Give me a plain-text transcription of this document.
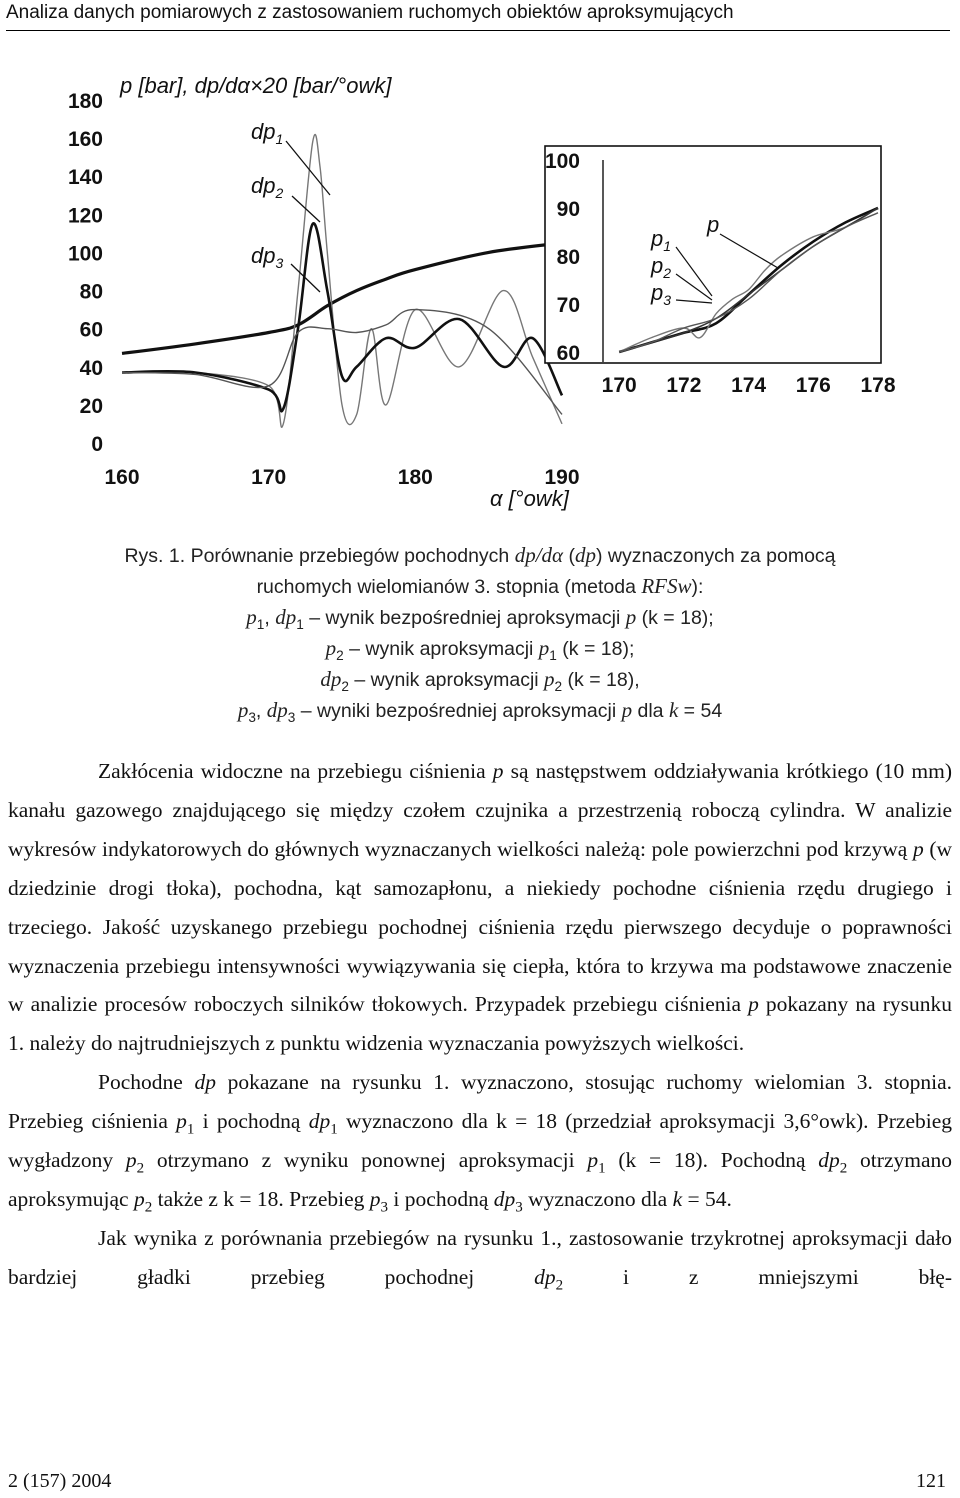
Analiza danych pomiarowych z zastosowaniem ruchomych obiektów aproksymujących
180
160
140
120
100
80
60
40
20
0
160	170	180	190
p [bar], dp/dα×20 [bar/°owk]
α [°owk]
$dp_1$
$dp_2$
$dp_3$
100
90
80
70
60
170 172 174 176 178
p
$p_1$
$p_2$
$p_3$
Rys. 1. Porównanie przebiegów pochodnych dp/dα (dp) wyznaczonych za pomocą
ruchomych wielomianów 3. stopnia (metoda RFSw):
$p_1$, $dp_1$ – wynik bezpośredniej aproksymacji p (k = 18);
$p_2$ – wynik aproksymacji $p_1$ (k = 18);
$dp_2$ – wynik aproksymacji $p_2$ (k = 18),
$p_3$, $dp_3$ – wyniki bezpośredniej aproksymacji p dla k = 54

Zakłócenia widoczne na przebiegu ciśnienia p są następstwem oddziaływania krótkiego (10 mm) kanału gazowego znajdującego się między czołem czujnika a przestrzenią roboczą cylindra. W analizie wykresów indykatorowych do głównych wyznaczanych wielkości należą: pole powierzchni pod krzywą p (w dziedzinie drogi tłoka), pochodna, kąt samozapłonu, a niekiedy pochodne ciśnienia rzędu drugiego i trzeciego. Jakość uzyskanego przebiegu pochodnej ciśnienia rzędu pierwszego decyduje o poprawności wyznaczenia przebiegu intensywności wywiązywania się ciepła, która to krzywa ma podstawowe znaczenie w analizie procesów roboczych silników tłokowych. Przypadek przebiegu ciśnienia p pokazany na rysunku 1. należy do najtrudniejszych z punktu widzenia wyznaczania powyższych wielkości.

Pochodne dp pokazane na rysunku 1. wyznaczono, stosując ruchomy wielomian 3. stopnia. Przebieg ciśnienia $p_1$ i pochodną $dp_1$ wyznaczono dla k = 18 (przedział aproksymacji 3,6°owk). Przebieg wygładzony $p_2$ otrzymano z wyniku ponownej aproksymacji $p_1$ (k = 18). Pochodną $dp_2$ otrzymano aproksymując $p_2$ także z k = 18. Przebieg $p_3$ i pochodną $dp_3$ wyznaczono dla k = 54.

Jak wynika z porównania przebiegów na rysunku 1., zastosowanie trzykrotnej aproksymacji dało bardziej gładki przebieg pochodnej $dp_2$ i z mniejszymi błę-

2 (157) 2004	121
